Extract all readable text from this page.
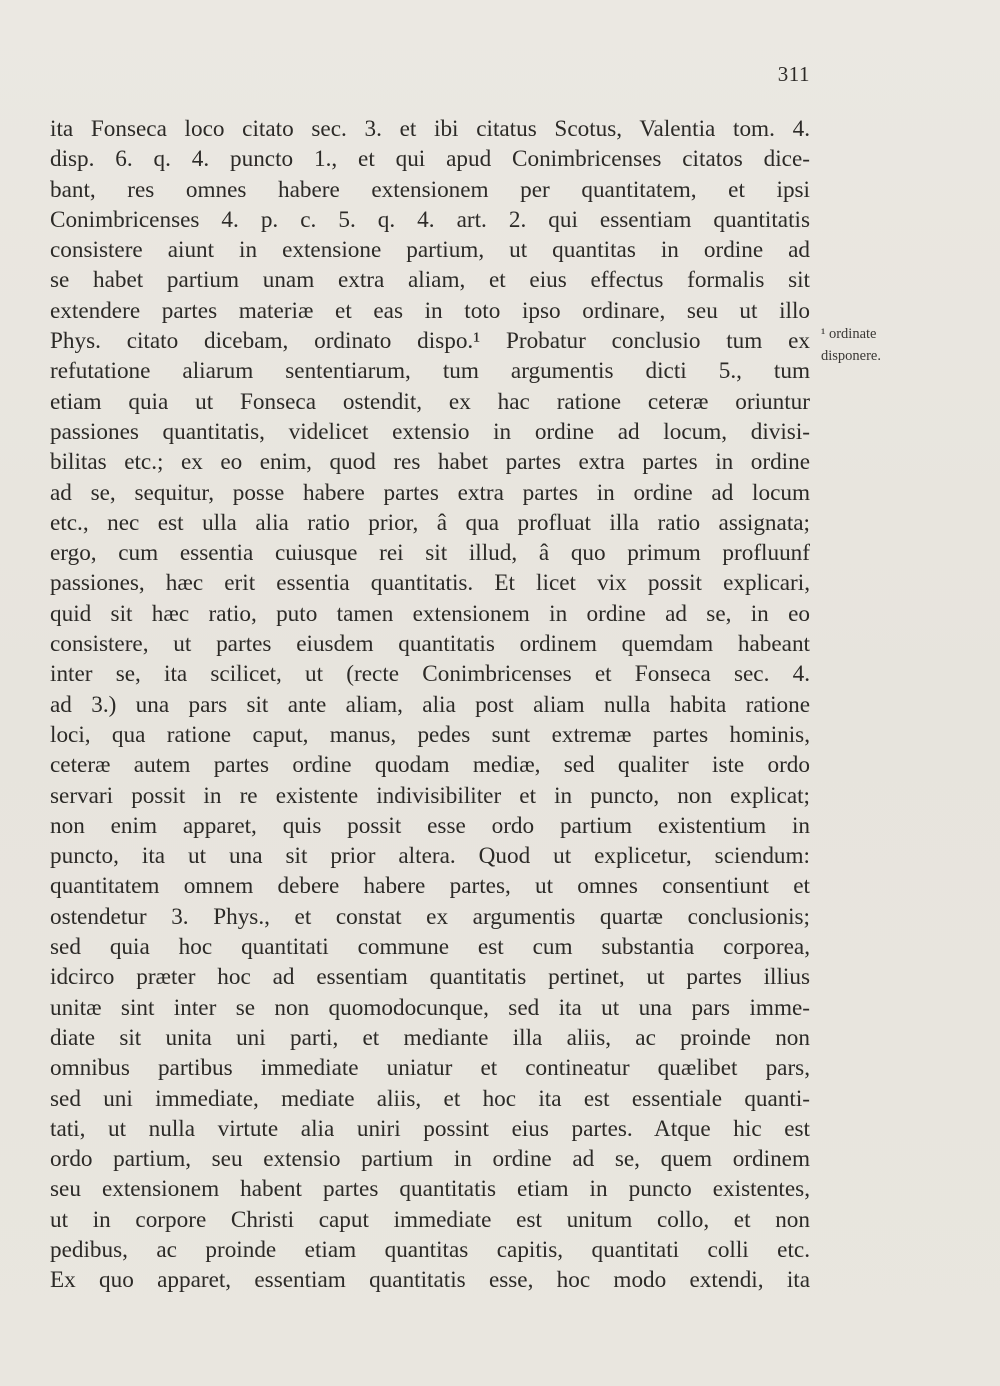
311
ita Fonseca loco citato sec. 3. et ibi citatus Scotus, Valentia tom. 4.
disp. 6. q. 4. puncto 1., et qui apud Conimbricenses citatos dice-
bant, res omnes habere extensionem per quantitatem, et ipsi
Conimbricenses 4. p. c. 5. q. 4. art. 2. qui essentiam quantitatis
consistere aiunt in extensione partium, ut quantitas in ordine ad
se habet partium unam extra aliam, et eius effectus formalis sit
extendere partes materiæ et eas in toto ipso ordinare, seu ut illo
Phys. citato dicebam, ordinato dispo.¹ Probatur conclusio tum ex
refutatione aliarum sententiarum, tum argumentis dicti 5., tum
etiam quia ut Fonseca ostendit, ex hac ratione ceteræ oriuntur
passiones quantitatis, videlicet extensio in ordine ad locum, divisi-
bilitas etc.; ex eo enim, quod res habet partes extra partes in ordine
ad se, sequitur, posse habere partes extra partes in ordine ad locum
etc., nec est ulla alia ratio prior, â qua profluat illa ratio assignata;
ergo, cum essentia cuiusque rei sit illud, â quo primum profluunf
passiones, hæc erit essentia quantitatis. Et licet vix possit explicari,
quid sit hæc ratio, puto tamen extensionem in ordine ad se, in eo
consistere, ut partes eiusdem quantitatis ordinem quemdam habeant
inter se, ita scilicet, ut (recte Conimbricenses et Fonseca sec. 4.
ad 3.) una pars sit ante aliam, alia post aliam nulla habita ratione
loci, qua ratione caput, manus, pedes sunt extremæ partes hominis,
ceteræ autem partes ordine quodam mediæ, sed qualiter iste ordo
servari possit in re existente indivisibiliter et in puncto, non explicat;
non enim apparet, quis possit esse ordo partium existentium in
puncto, ita ut una sit prior altera. Quod ut explicetur, sciendum:
quantitatem omnem debere habere partes, ut omnes consentiunt et
ostendetur 3. Phys., et constat ex argumentis quartæ conclusionis;
sed quia hoc quantitati commune est cum substantia corporea,
idcirco præter hoc ad essentiam quantitatis pertinet, ut partes illius
unitæ sint inter se non quomodocunque, sed ita ut una pars imme-
diate sit unita uni parti, et mediante illa aliis, ac proinde non
omnibus partibus immediate uniatur et contineatur quælibet pars,
sed uni immediate, mediate aliis, et hoc ita est essentiale quanti-
tati, ut nulla virtute alia uniri possint eius partes. Atque hic est
ordo partium, seu extensio partium in ordine ad se, quem ordinem
seu extensionem habent partes quantitatis etiam in puncto existentes,
ut in corpore Christi caput immediate est unitum collo, et non
pedibus, ac proinde etiam quantitas capitis, quantitati colli etc.
Ex quo apparet, essentiam quantitatis esse, hoc modo extendi, ita
¹ ordinate
disponere.
